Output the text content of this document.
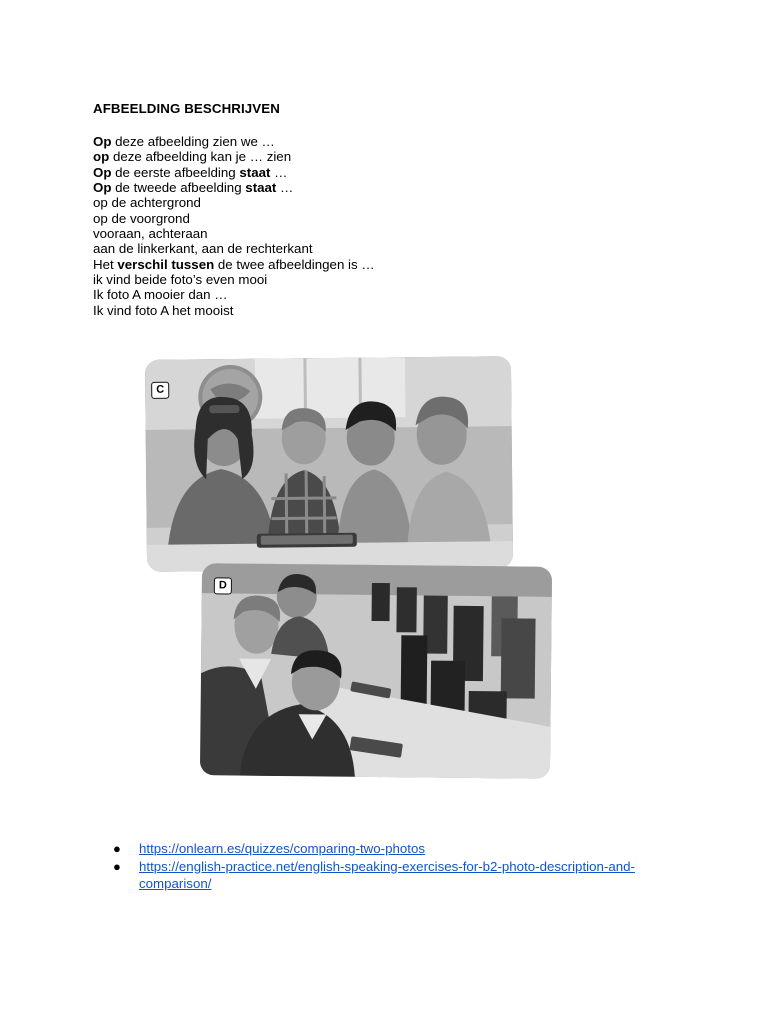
AFBEELDING BESCHRIJVEN
Op deze afbeelding zien we …
op deze afbeelding kan je … zien
Op de eerste afbeelding staat …
Op de tweede afbeelding staat …
op de achtergrond
op de voorgrond
vooraan, achteraan
aan de linkerkant, aan de rechterkant
Het verschil tussen de twee afbeeldingen is …
ik vind beide foto’s even mooi
Ik foto A mooier dan …
Ik vind foto A het mooist
C
D
● https://onlearn.es/quizzes/comparing-two-photos
● https://english-practice.net/english-speaking-exercises-for-b2-photo-description-and-comparison/
